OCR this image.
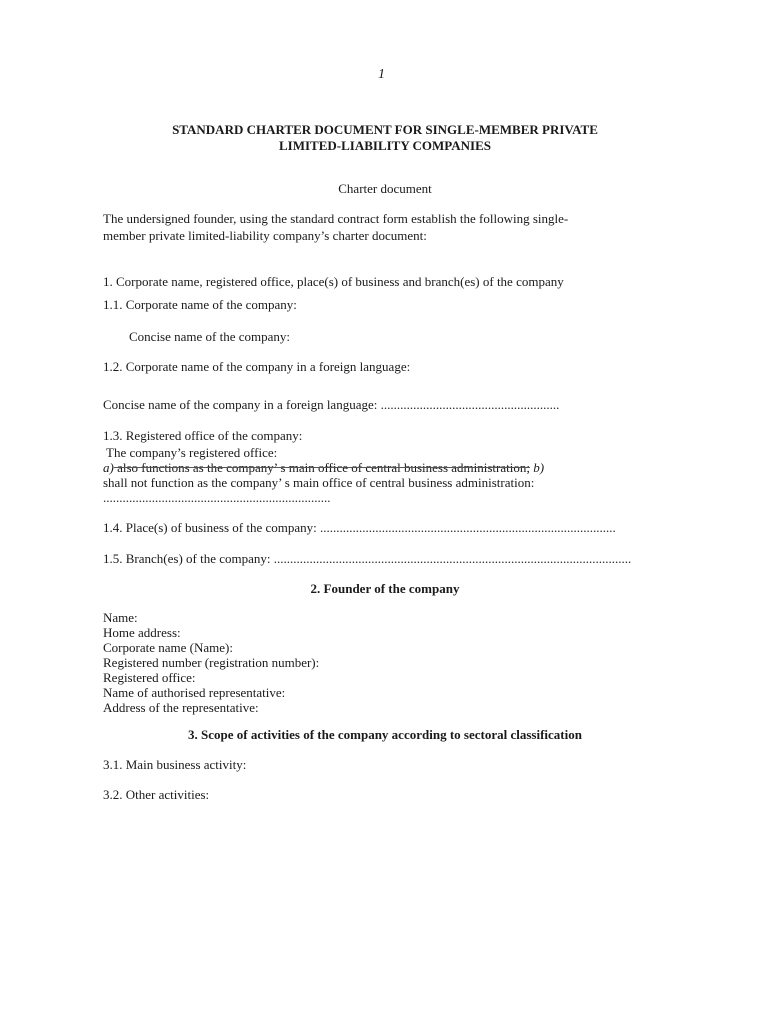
1
STANDARD CHARTER DOCUMENT FOR SINGLE-MEMBER PRIVATE
LIMITED-LIABILITY COMPANIES
Charter document
The undersigned founder, using the standard contract form establish the following single-
member private limited-liability company’s charter document:
1. Corporate name, registered office, place(s) of business and branch(es) of the company
1.1. Corporate name of the company:
Concise name of the company:
1.2. Corporate name of the company in a foreign language:
Concise name of the company in a foreign language: .......................................................
1.3. Registered office of the company:
The company’s registered office:
a) also functions as the company’ s main office of central business administration; b)
shall not function as the company’ s main office of central business administration:
......................................................................
1.4. Place(s) of business of the company: ...........................................................................................
1.5. Branch(es) of the company: ..............................................................................................................
2. Founder of the company
Name:
Home address:
Corporate name (Name):
Registered number (registration number):
Registered office:
Name of authorised representative:
Address of the representative:
3. Scope of activities of the company according to sectoral classification
3.1. Main business activity:
3.2. Other activities:
